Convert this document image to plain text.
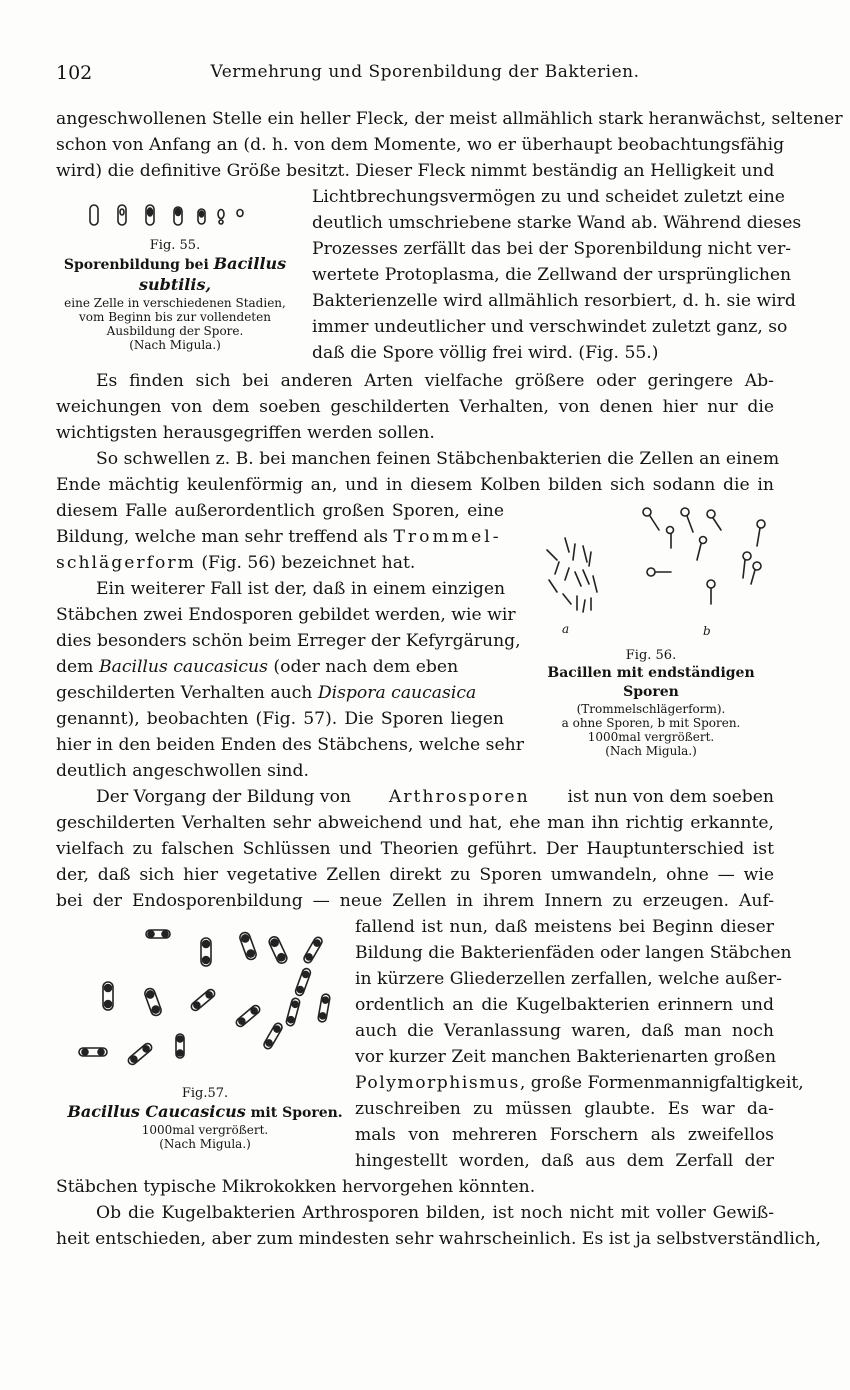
102	Vermehrung und Sporenbildung der Bakterien.
angeschwollenen Stelle ein heller Fleck, der meist allmählich stark heranwächst, seltener
schon von Anfang an (d. h. von dem Momente, wo er überhaupt beobachtungsfähig
wird) die definitive Größe besitzt. Dieser Fleck nimmt beständig an Helligkeit und
Lichtbrechungsvermögen zu und scheidet zuletzt eine
deutlich umschriebene starke Wand ab. Während dieses
Prozesses zerfällt das bei der Sporenbildung nicht ver-
wertete Protoplasma, die Zellwand der ursprünglichen
Bakterienzelle wird allmählich resorbiert, d. h. sie wird
immer undeutlicher und verschwindet zuletzt ganz, so
daß die Spore völlig frei wird. (Fig. 55.)
Fig. 55.
Sporenbildung bei Bacillus
subtilis,
eine Zelle in verschiedenen Stadien,
vom Beginn bis zur vollendeten
Ausbildung der Spore.
(Nach Migula.)
Es finden sich bei anderen Arten vielfache größere oder geringere Ab-
weichungen von dem soeben geschilderten Verhalten, von denen hier nur die
wichtigsten herausgegriffen werden sollen.
So schwellen z. B. bei manchen feinen Stäbchenbakterien die Zellen an einem
Ende mächtig keulenförmig an, und in diesem Kolben bilden sich sodann die in
diesem Falle außerordentlich großen Sporen, eine
Bildung, welche man sehr treffend als Trommel-
schlägerform (Fig. 56) bezeichnet hat.
Ein weiterer Fall ist der, daß in einem einzigen
Stäbchen zwei Endosporen gebildet werden, wie wir
dies besonders schön beim Erreger der Kefyrgärung,
dem Bacillus caucasicus (oder nach dem eben
geschilderten Verhalten auch Dispora caucasica
genannt), beobachten (Fig. 57). Die Sporen liegen
hier in den beiden Enden des Stäbchens, welche sehr
deutlich angeschwollen sind.
a	b
Fig. 56.
Bacillen mit endständigen Sporen
(Trommelschlägerform).
a ohne Sporen, b mit Sporen.
1000mal vergrößert.
(Nach Migula.)
Der Vorgang der Bildung von Arthrosporen ist nun von dem soeben
geschilderten Verhalten sehr abweichend und hat, ehe man ihn richtig erkannte,
vielfach zu falschen Schlüssen und Theorien geführt. Der Hauptunterschied ist
der, daß sich hier vegetative Zellen direkt zu Sporen umwandeln, ohne — wie
bei der Endosporenbildung — neue Zellen in ihrem Innern zu erzeugen. Auf-
fallend ist nun, daß meistens bei Beginn dieser
Bildung die Bakterienfäden oder langen Stäbchen
in kürzere Gliederzellen zerfallen, welche außer-
ordentlich an die Kugelbakterien erinnern und
auch die Veranlassung waren, daß man noch
vor kurzer Zeit manchen Bakterienarten großen
Polymorphismus , große Formenmannigfaltigkeit,
zuschreiben zu müssen glaubte. Es war da-
mals von mehreren Forschern als zweifellos
hingestellt worden, daß aus dem Zerfall der
Stäbchen typische Mikrokokken hervorgehen könnten.
Fig.57.
Bacillus Caucasicus mit Sporen.
1000mal vergrößert.
(Nach Migula.)
Ob die Kugelbakterien Arthrosporen bilden, ist noch nicht mit voller Gewiß-
heit entschieden, aber zum mindesten sehr wahrscheinlich. Es ist ja selbstverständlich,
